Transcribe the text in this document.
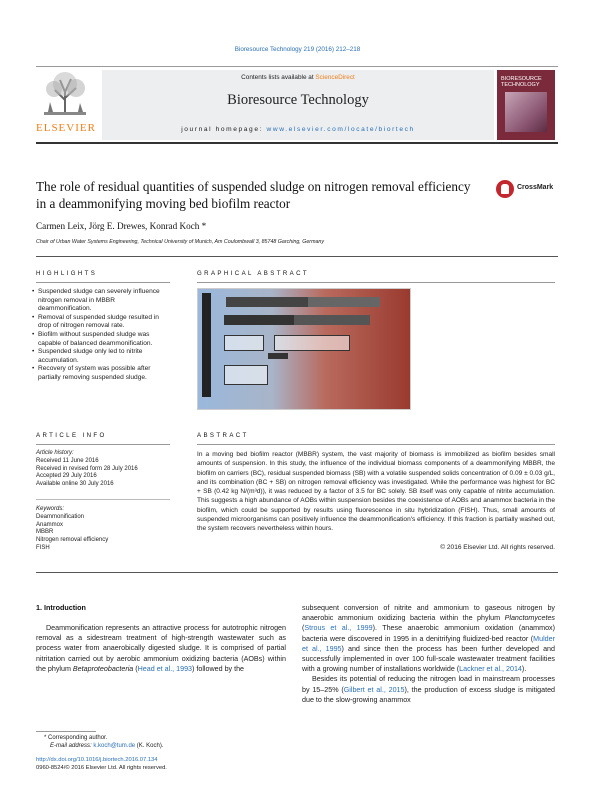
Bioresource Technology 219 (2016) 212–218
ELSEVIER
Contents lists available at ScienceDirect
Bioresource Technology
journal homepage: www.elsevier.com/locate/biortech
BIORESOURCE TECHNOLOGY
The role of residual quantities of suspended sludge on nitrogen removal efficiency in a deammonifying moving bed biofilm reactor
CrossMark
Carmen Leix, Jörg E. Drewes, Konrad Koch *
Chair of Urban Water Systems Engineering, Technical University of Munich, Am Coulombwall 3, 85748 Garching, Germany
HIGHLIGHTS
• Suspended sludge can severely influence nitrogen removal in MBBR deammonification.
• Removal of suspended sludge resulted in drop of nitrogen removal rate.
• Biofilm without suspended sludge was capable of balanced deammonification.
• Suspended sludge only led to nitrite accumulation.
• Recovery of system was possible after partially removing suspended sludge.
GRAPHICAL ABSTRACT
ARTICLE INFO
Article history:
Received 11 June 2016
Received in revised form 28 July 2016
Accepted 29 July 2016
Available online 30 July 2016
Keywords:
Deammonification
Anammox
MBBR
Nitrogen removal efficiency
FISH
ABSTRACT
In a moving bed biofilm reactor (MBBR) system, the vast majority of biomass is immobilized as biofilm besides small amounts of suspension. In this study, the influence of the individual biomass components of a deammonifying MBBR, the biofilm on carriers (BC), residual suspended biomass (SB) with a volatile suspended solids concentration of 0.09 ± 0.03 g/L, and its combination (BC + SB) on nitrogen removal efficiency was investigated. While the performance was highest for BC + SB (0.42 kg N/(m³d)), it was reduced by a factor of 3.5 for BC solely. SB itself was only capable of nitrite accumulation. This suggests a high abundance of AOBs within suspension besides the coexistence of AOBs and anammox bacteria in the biofilm, which could be supported by results using fluorescence in situ hybridization (FISH). Thus, small amounts of suspended microorganisms can positively influence the deammonification's efficiency. If this fraction is partially washed out, the system recovers nevertheless within hours.
© 2016 Elsevier Ltd. All rights reserved.
1. Introduction
Deammonification represents an attractive process for autotrophic nitrogen removal as a sidestream treatment of high-strength wastewater such as process water from anaerobically digested sludge. It is comprised of partial nitritation carried out by aerobic ammonium oxidizing bacteria (AOBs) within the phylum Betaproteobacteria (Head et al., 1993) followed by the
subsequent conversion of nitrite and ammonium to gaseous nitrogen by anaerobic ammonium oxidizing bacteria within the phylum Planctomycetes (Strous et al., 1999). These anaerobic ammonium oxidation (anammox) bacteria were discovered in 1995 in a denitrifying fluidized-bed reactor (Mulder et al., 1995) and since then the process has been further developed and successfully implemented in over 100 full-scale wastewater treatment facilities with a growing number of installations worldwide (Lackner et al., 2014).
Besides its potential of reducing the nitrogen load in mainstream processes by 15–25% (Gilbert et al., 2015), the production of excess sludge is mitigated due to the slow-growing anammox
* Corresponding author.
E-mail address: k.koch@tum.de (K. Koch).
http://dx.doi.org/10.1016/j.biortech.2016.07.134
0960-8524/© 2016 Elsevier Ltd. All rights reserved.
